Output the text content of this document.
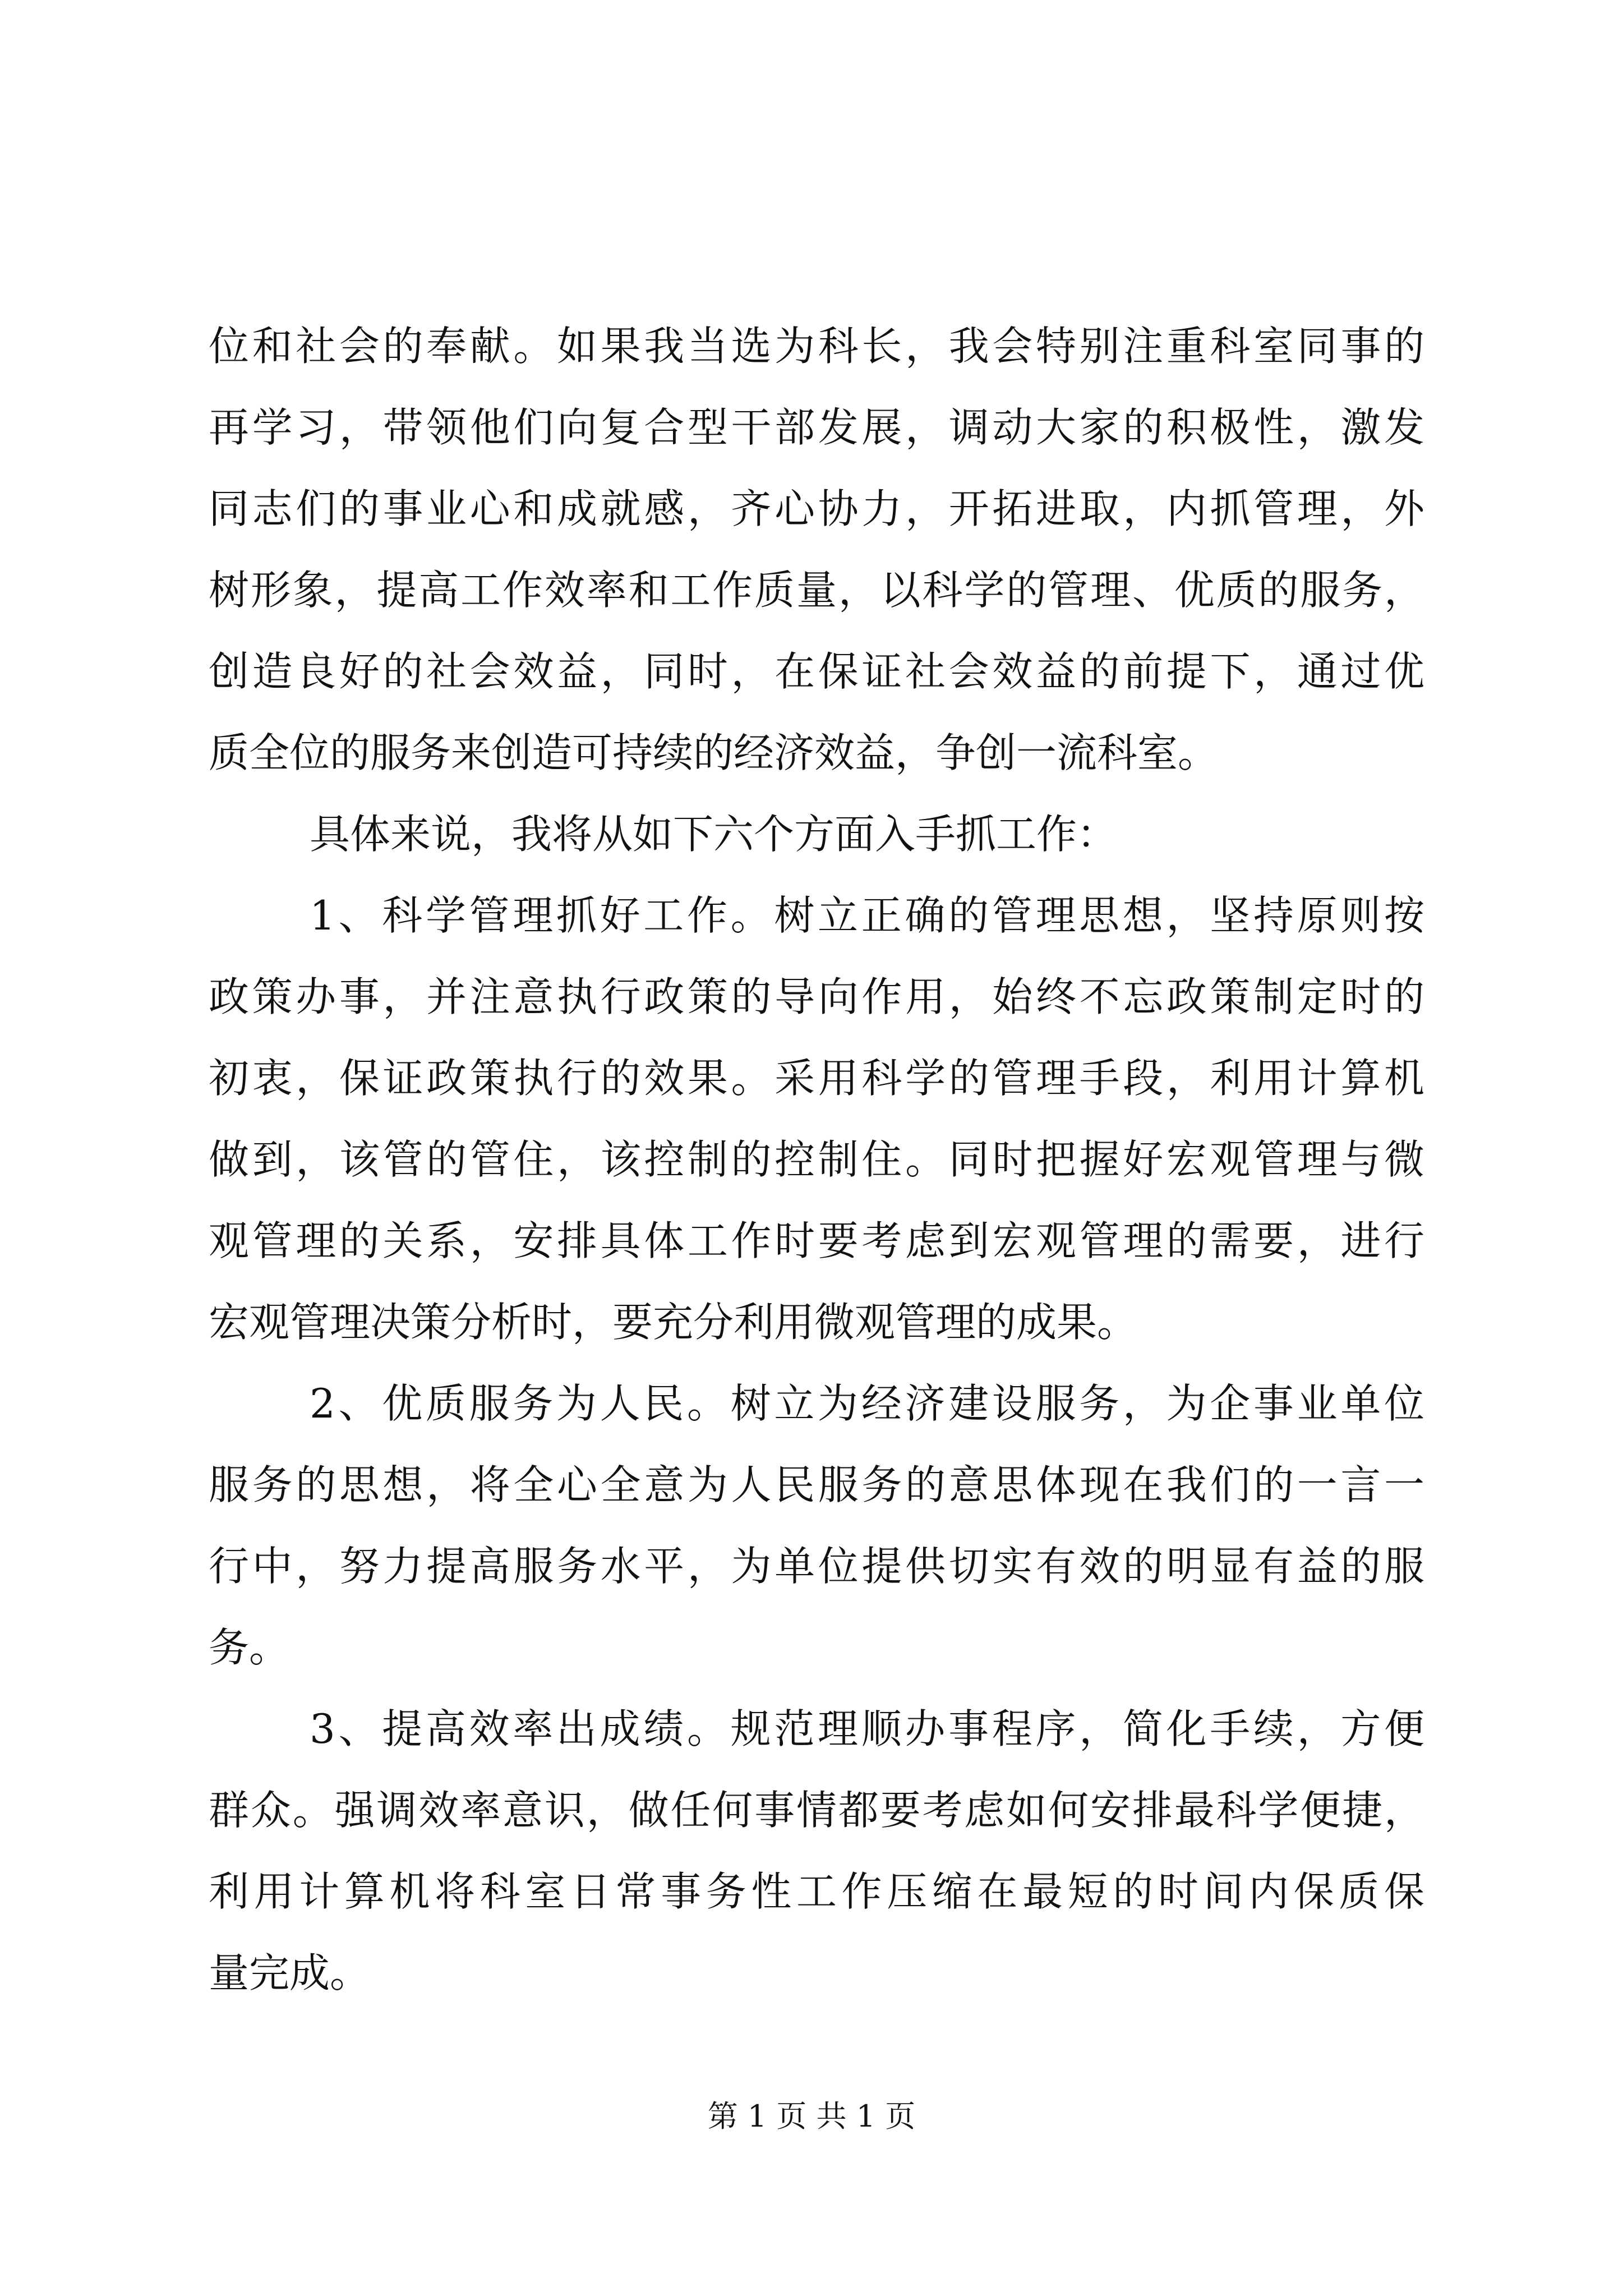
位和社会的奉献。如果我当选为科长，我会特别注重科室同事的
再学习，带领他们向复合型干部发展，调动大家的积极性，激发
同志们的事业心和成就感，齐心协力，开拓进取，内抓管理，外
树形象，提高工作效率和工作质量，以科学的管理、优质的服务，
创造良好的社会效益，同时，在保证社会效益的前提下，通过优
质全位的服务来创造可持续的经济效益，争创一流科室。
具体来说，我将从如下六个方面入手抓工作：
1、科学管理抓好工作。树立正确的管理思想，坚持原则按
政策办事，并注意执行政策的导向作用，始终不忘政策制定时的
初衷，保证政策执行的效果。采用科学的管理手段，利用计算机
做到，该管的管住，该控制的控制住。同时把握好宏观管理与微
观管理的关系，安排具体工作时要考虑到宏观管理的需要，进行
宏观管理决策分析时，要充分利用微观管理的成果。
2、优质服务为人民。树立为经济建设服务，为企事业单位
服务的思想，将全心全意为人民服务的意思体现在我们的一言一
行中，努力提高服务水平，为单位提供切实有效的明显有益的服
务。
3、提高效率出成绩。规范理顺办事程序，简化手续，方便
群众。强调效率意识，做任何事情都要考虑如何安排最科学便捷，
利用计算机将科室日常事务性工作压缩在最短的时间内保质保
量完成。
第 1 页 共 1 页
